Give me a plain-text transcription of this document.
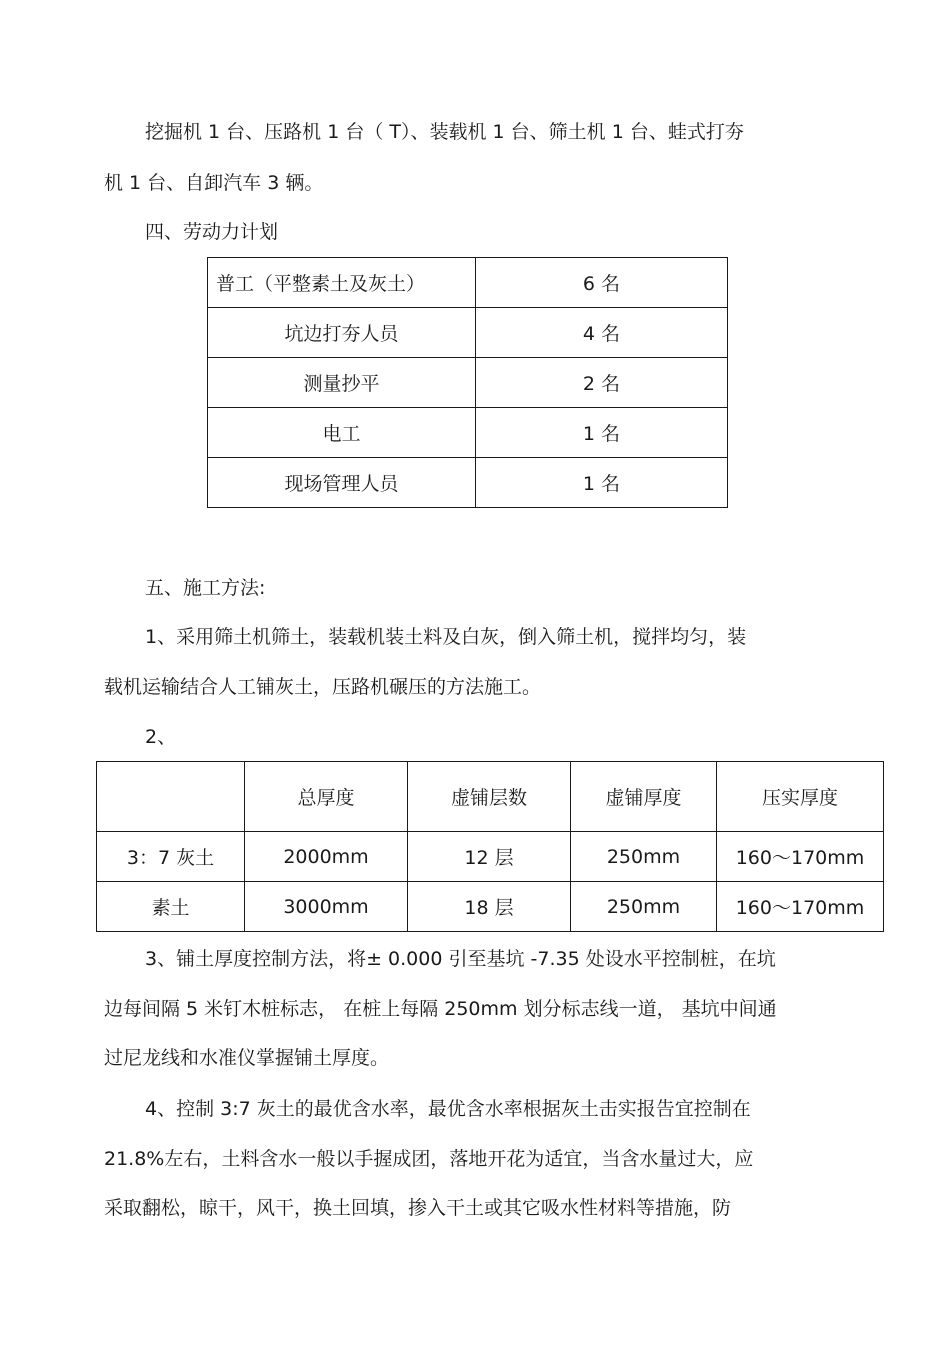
挖掘机 1 台、压路机 1 台（ T）、装载机 1 台、筛土机 1 台、蛙式打夯
机 1 台、自卸汽车 3 辆。
四、劳动力计划
普工（平整素土及灰土）	6 名
坑边打夯人员	4 名
测量抄平	2 名
电工	1 名
现场管理人员	1 名
五、施工方法:
1、采用筛土机筛土，装载机装土料及白灰，倒入筛土机，搅拌均匀，装
载机运输结合人工铺灰土，压路机碾压的方法施工。
2、
	总厚度	虚铺层数	虚铺厚度	压实厚度
3：7 灰土	2000mm	12 层	250mm	160～170mm
素土	3000mm	18 层	250mm	160～170mm
3、铺土厚度控制方法，将± 0.000 引至基坑 -7.35 处设水平控制桩，在坑
边每间隔 5 米钉木桩标志， 在桩上每隔 250mm 划分标志线一道， 基坑中间通
过尼龙线和水准仪掌握铺土厚度。
4、控制 3:7 灰土的最优含水率，最优含水率根据灰土击实报告宜控制在
21.8%左右，土料含水一般以手握成团，落地开花为适宜，当含水量过大，应
采取翻松，晾干，风干，换土回填，掺入干土或其它吸水性材料等措施，防
